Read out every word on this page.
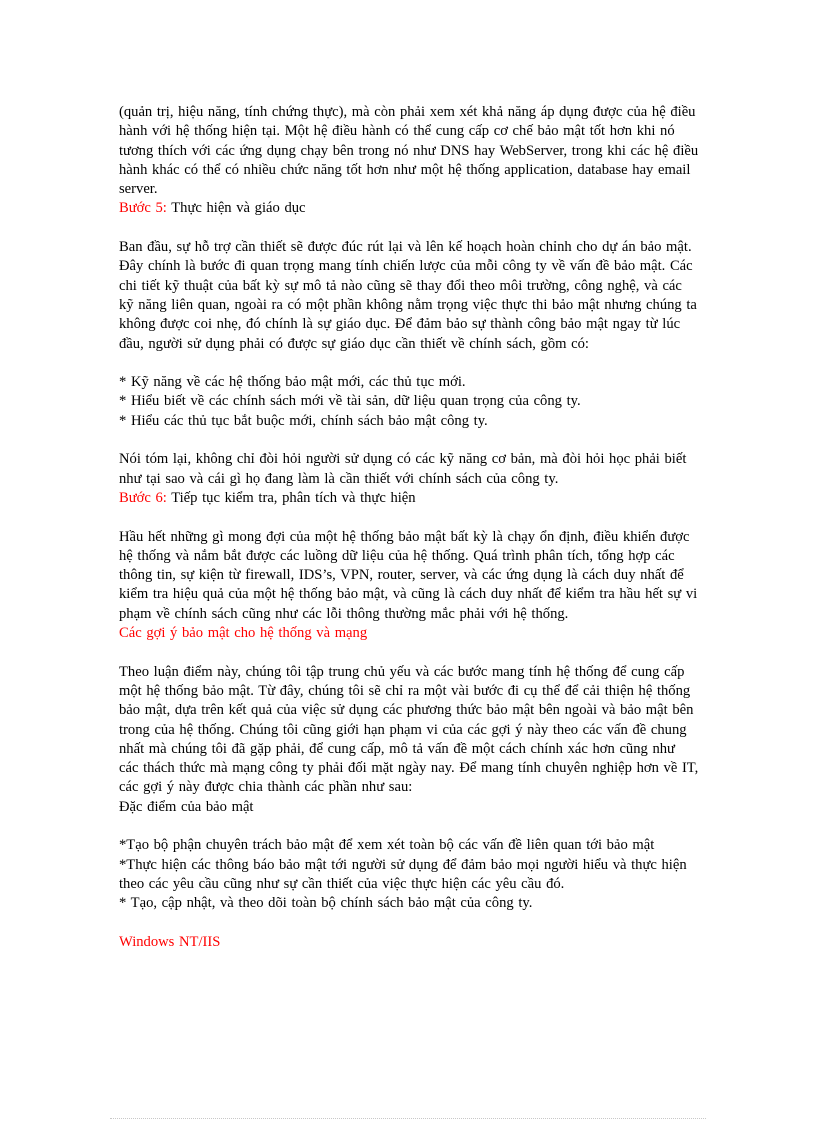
(quản trị, hiệu năng, tính chứng thực), mà còn phải xem xét khả năng áp dụng được của hệ điều hành với hệ thống hiện tại. Một hệ điều hành có thể cung cấp cơ chế bảo mật tốt hơn khi nó tương thích với các ứng dụng chạy bên trong nó như DNS hay WebServer, trong khi các hệ điều hành khác có thể có nhiều chức năng tốt hơn như một hệ thống application, database hay email server.

Bước 5: Thực hiện và giáo dục

Ban đầu, sự hỗ trợ cần thiết sẽ được đúc rút lại và lên kế hoạch hoàn chỉnh cho dự án bảo mật. Đây chính là bước đi quan trọng mang tính chiến lược của mỗi công ty về vấn đề bảo mật. Các chi tiết kỹ thuật của bất kỳ sự mô tả nào cũng sẽ thay đổi theo môi trường, công nghệ, và các kỹ năng liên quan, ngoài ra có một phần không nằm trọng việc thực thi bảo mật nhưng chúng ta không được coi nhẹ, đó chính là sự giáo dục. Để đảm bảo sự thành công bảo mật ngay từ lúc đầu, người sử dụng phải có được sự giáo dục cần thiết về chính sách, gồm có:

* Kỹ năng về các hệ thống bảo mật mới, các thủ tục mới.

* Hiểu biết về các chính sách mới về tài sản, dữ liệu quan trọng của công ty.

* Hiểu các thủ tục bắt buộc mới, chính sách bảo mật công ty.

Nói tóm lại, không chỉ đòi hỏi người sử dụng có các kỹ năng cơ bản, mà đòi hỏi học phải biết như tại sao và cái gì họ đang làm là cần thiết với chính sách của công ty.

Bước 6: Tiếp tục kiểm tra, phân tích và thực hiện

Hầu hết những gì mong đợi của một hệ thống bảo mật bất kỳ là chạy ổn định, điều khiển được hệ thống và nắm bắt được các luồng dữ liệu của hệ thống. Quá trình phân tích, tổng hợp các thông tin, sự kiện từ firewall, IDS’s, VPN, router, server, và các ứng dụng là cách duy nhất để kiểm tra hiệu quả của một hệ thống bảo mật, và cũng là cách duy nhất để kiểm tra hầu hết sự vi phạm về chính sách cũng như các lỗi thông thường mắc phải với hệ thống.

Các gợi ý bảo mật cho hệ thống và mạng

Theo luận điểm này, chúng tôi tập trung chủ yếu và các bước mang tính hệ thống để cung cấp một hệ thống bảo mật. Từ đây, chúng tôi sẽ chỉ ra một vài bước đi cụ thể để cải thiện hệ thống bảo mật, dựa trên kết quả của việc sử dụng các phương thức bảo mật bên ngoài và bảo mật bên trong của hệ thống. Chúng tôi cũng giới hạn phạm vi của các gợi ý này theo các vấn đề chung nhất mà chúng tôi đã gặp phải, để cung cấp, mô tả vấn đề một cách chính xác hơn cũng như các thách thức mà mạng công ty phải đối mặt ngày nay. Để mang tính chuyên nghiệp hơn về IT, các gợi ý này được chia thành các phần như sau:

Đặc điểm của bảo mật

*Tạo bộ phận chuyên trách bảo mật để xem xét toàn bộ các vấn đề liên quan tới bảo mật

*Thực hiện các thông báo bảo mật tới người sử dụng để đảm bảo mọi người hiểu và thực hiện theo các yêu cầu cũng như sự cần thiết của việc thực hiện các yêu cầu đó.

* Tạo, cập nhật, và theo dõi toàn bộ chính sách bảo mật của công ty.

Windows NT/IIS
